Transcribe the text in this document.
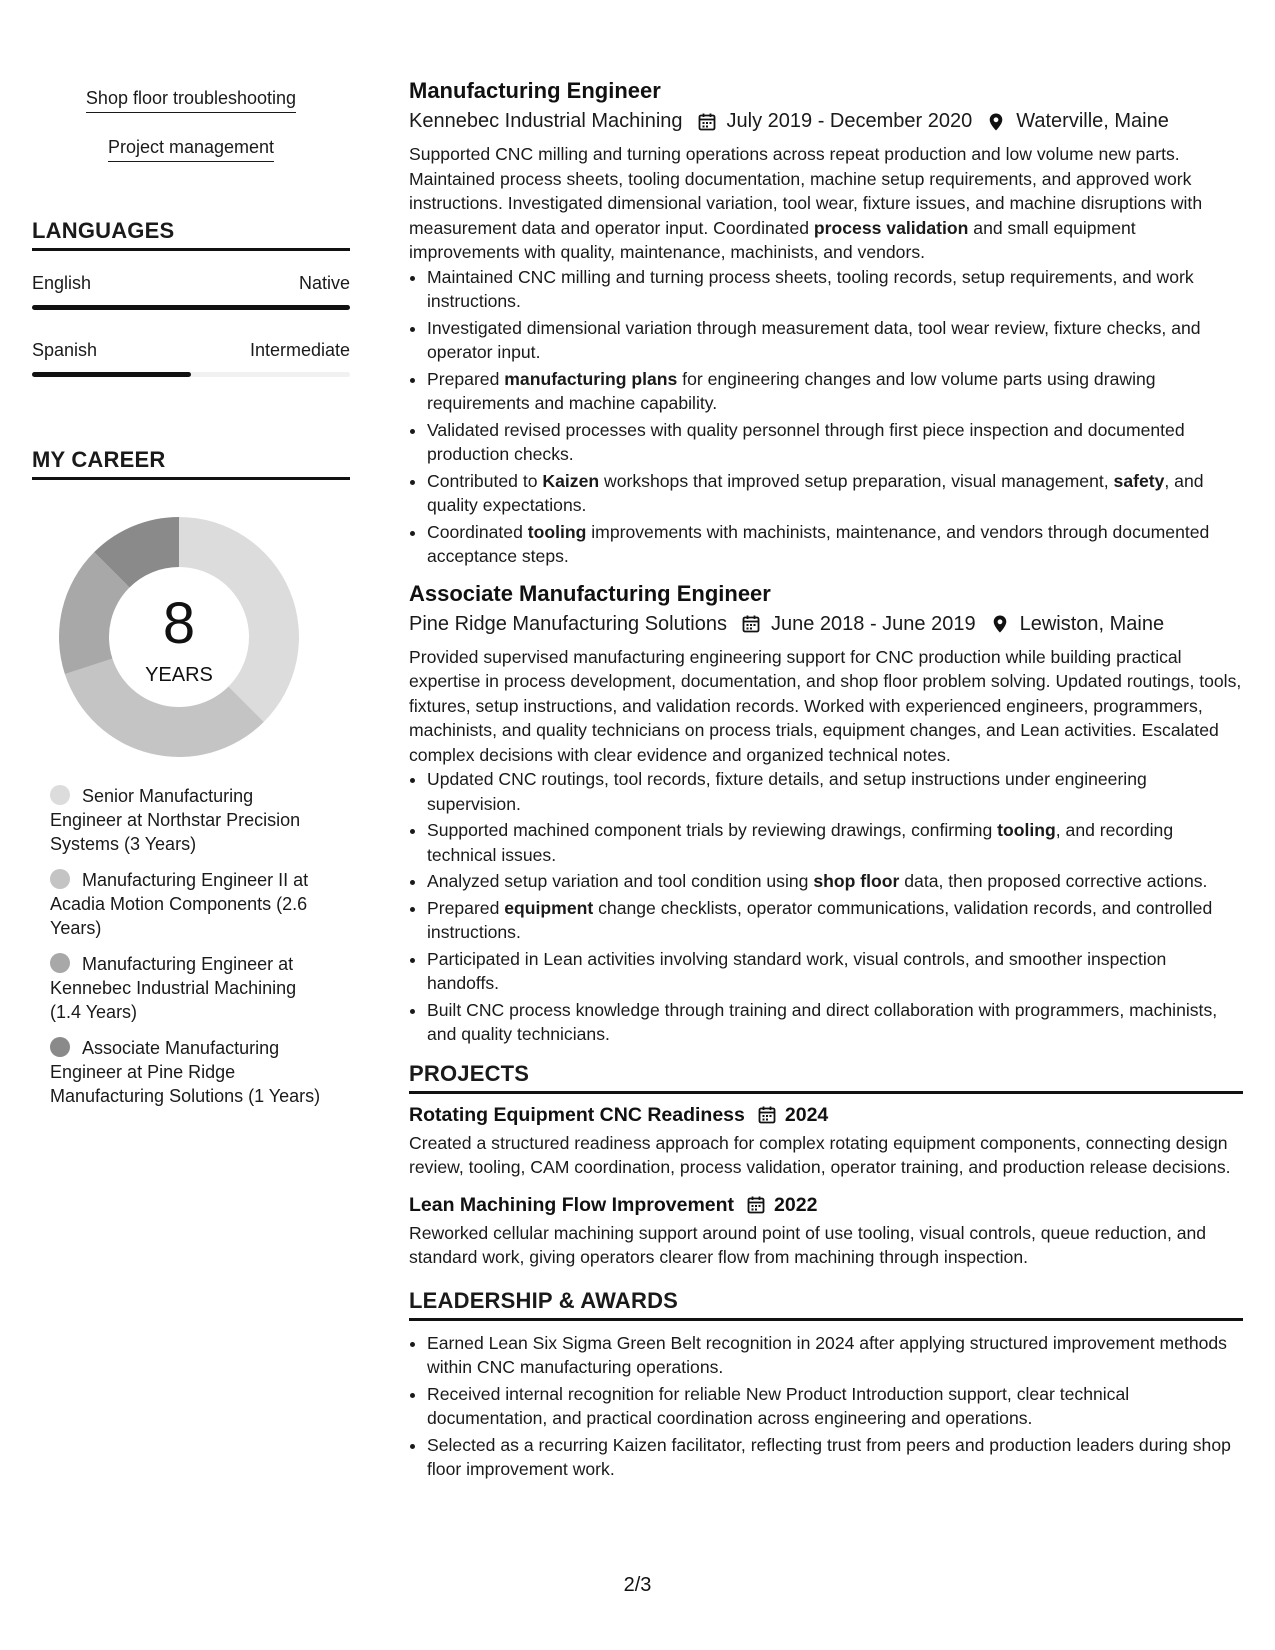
Shop floor troubleshooting
Project management
LANGUAGES
English	Native
Spanish	Intermediate
MY CAREER
8
YEARS
Senior Manufacturing Engineer at Northstar Precision Systems (3 Years)
Manufacturing Engineer II at Acadia Motion Components (2.6 Years)
Manufacturing Engineer at Kennebec Industrial Machining (1.4 Years)
Associate Manufacturing Engineer at Pine Ridge Manufacturing Solutions (1 Years)
Manufacturing Engineer
Kennebec Industrial Machining July 2019 - December 2020 Waterville, Maine
Supported CNC milling and turning operations across repeat production and low volume new parts. Maintained process sheets, tooling documentation, machine setup requirements, and approved work instructions. Investigated dimensional variation, tool wear, fixture issues, and machine disruptions with measurement data and operator input. Coordinated process validation and small equipment improvements with quality, maintenance, machinists, and vendors.
• Maintained CNC milling and turning process sheets, tooling records, setup requirements, and work instructions.
• Investigated dimensional variation through measurement data, tool wear review, fixture checks, and operator input.
• Prepared manufacturing plans for engineering changes and low volume parts using drawing requirements and machine capability.
• Validated revised processes with quality personnel through first piece inspection and documented production checks.
• Contributed to Kaizen workshops that improved setup preparation, visual management, safety, and quality expectations.
• Coordinated tooling improvements with machinists, maintenance, and vendors through documented acceptance steps.
Associate Manufacturing Engineer
Pine Ridge Manufacturing Solutions June 2018 - June 2019 Lewiston, Maine
Provided supervised manufacturing engineering support for CNC production while building practical expertise in process development, documentation, and shop floor problem solving. Updated routings, tools, fixtures, setup instructions, and validation records. Worked with experienced engineers, programmers, machinists, and quality technicians on process trials, equipment changes, and Lean activities. Escalated complex decisions with clear evidence and organized technical notes.
• Updated CNC routings, tool records, fixture details, and setup instructions under engineering supervision.
• Supported machined component trials by reviewing drawings, confirming tooling, and recording technical issues.
• Analyzed setup variation and tool condition using shop floor data, then proposed corrective actions.
• Prepared equipment change checklists, operator communications, validation records, and controlled instructions.
• Participated in Lean activities involving standard work, visual controls, and smoother inspection handoffs.
• Built CNC process knowledge through training and direct collaboration with programmers, machinists, and quality technicians.
PROJECTS
Rotating Equipment CNC Readiness 2024
Created a structured readiness approach for complex rotating equipment components, connecting design review, tooling, CAM coordination, process validation, operator training, and production release decisions.
Lean Machining Flow Improvement 2022
Reworked cellular machining support around point of use tooling, visual controls, queue reduction, and standard work, giving operators clearer flow from machining through inspection.
LEADERSHIP & AWARDS
• Earned Lean Six Sigma Green Belt recognition in 2024 after applying structured improvement methods within CNC manufacturing operations.
• Received internal recognition for reliable New Product Introduction support, clear technical documentation, and practical coordination across engineering and operations.
• Selected as a recurring Kaizen facilitator, reflecting trust from peers and production leaders during shop floor improvement work.
2/3
